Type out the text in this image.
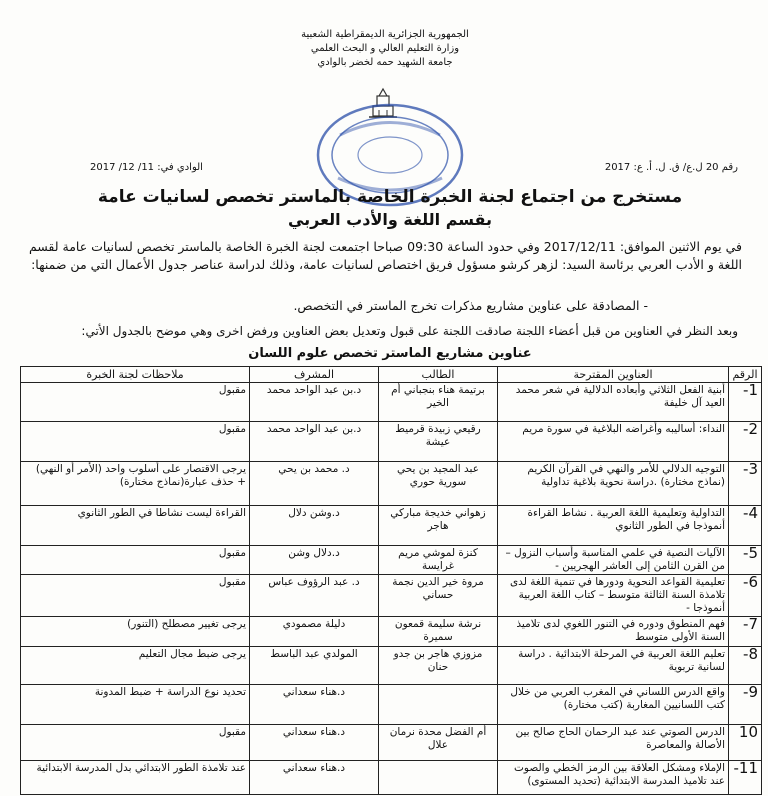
الجمهورية الجزائرية الديمقراطية الشعبية
وزارة التعليم العالي و البحث العلمي
جامعة الشهيد حمه لخضر بالوادي
رقم 20 ل.ع/ ق. ل. أ. ع: 2017
الوادي في: 11/ 12/ 2017
مستخرج من اجتماع لجنة الخبرة الخاصة بالماستر تخصص لسانيات عامة
بقسم اللغة والأدب العربي
في يوم الاثنين الموافق: 2017/12/11 وفي حدود الساعة 09:30 صباحا اجتمعت لجنة الخبرة الخاصة بالماستر تخصص لسانيات عامة لقسم اللغة و الأدب العربي برئاسة السيد: لزهر كرشو مسؤول فريق اختصاص لسانيات عامة، وذلك لدراسة عناصر جدول الأعمال التي من ضمنها:
- المصادقة على عناوين مشاريع مذكرات تخرج الماستر في التخصص.
وبعد النظر في العناوين من قبل أعضاء اللجنة صادقت اللجنة على قبول وتعديل بعض العناوين ورفض اخرى وهي موضح بالجدول الأتي:
عناوين مشاريع الماستر تخصص علوم اللسان
الرقم	العناوين المقترحة	الطالب	المشرف	ملاحظات لجنة الخبرة
1-	أبنية الفعل الثلاثي وأبعاده الدلالية في شعر محمد العيد آل خليفة	برتيمة هناء بنجباني أم الخير	د.بن عبد الواحد محمد	مقبول
2-	النداء: أساليبه وأغراضه البلاغية في سورة مريم	رقيعي زبيدة قرميط عيشة	د.بن عبد الواحد محمد	مقبول
3-	التوجيه الدلالي للأمر والنهي في القرآن الكريم (نماذج مختارة) .دراسة نحوية بلاغية تداولية	عبد المجيد بن يحي سورية حوري	د. محمد بن يحي	يرجى الاقتصار على أسلوب واحد (الأمر أو النهي) + حذف عبارة(نماذج مختارة)
4-	التداولية وتعليمية اللغة العربية . نشاط القراءة أنموذجا في الطور الثانوي	زهواني خديجة مباركي هاجر	د.وشن دلال	القراءة ليست نشاطا في الطور الثانوي
5-	الآليات النصية في علمي المناسبة وأسباب النزول – من القرن الثامن إلى العاشر الهجريين -	كنزة لموشي مريم غرايسة	د.دلال وشن	مقبول
6-	تعليمية القواعد النحوية ودورها في تنمية اللغة لدى تلامذة السنة الثالثة متوسط – كتاب اللغة العربية أنموذجا -	مروة خير الدين نجمة حساني	د. عبد الرؤوف عباس	مقبول
7-	فهم المنطوق ودوره في التنور اللغوي لدى تلاميذ السنة الأولى متوسط	نرشة سليمة قمعون سميرة	دليلة مصمودي	يرجى تغيير مصطلح (التنور)
8-	تعليم اللغة العربية في المرحلة الابتدائية . دراسة لسانية تربوية	مزوزي هاجر بن جدو حنان	المولدي عبد الباسط	يرجى ضبط مجال التعليم
9-	واقع الدرس اللساني في المغرب العربي من خلال كتب اللسانيين المغاربة (كتب مختارة)		د.هناء سعداني	تحديد نوع الدراسة + ضبط المدونة
10	الدرس الصوتي عند عبد الرحمان الحاج صالح بين الأصالة والمعاصرة	أم الفضل محدة نرمان علال	د.هناء سعداني	مقبول
11-	الإملاء ومشكل العلاقة بين الرمز الخطي والصوت عند تلاميذ المدرسة الابتدائية (تحديد المستوى)		د.هناء سعداني	عند تلامذة الطور الابتدائي بدل المدرسة الابتدائية
